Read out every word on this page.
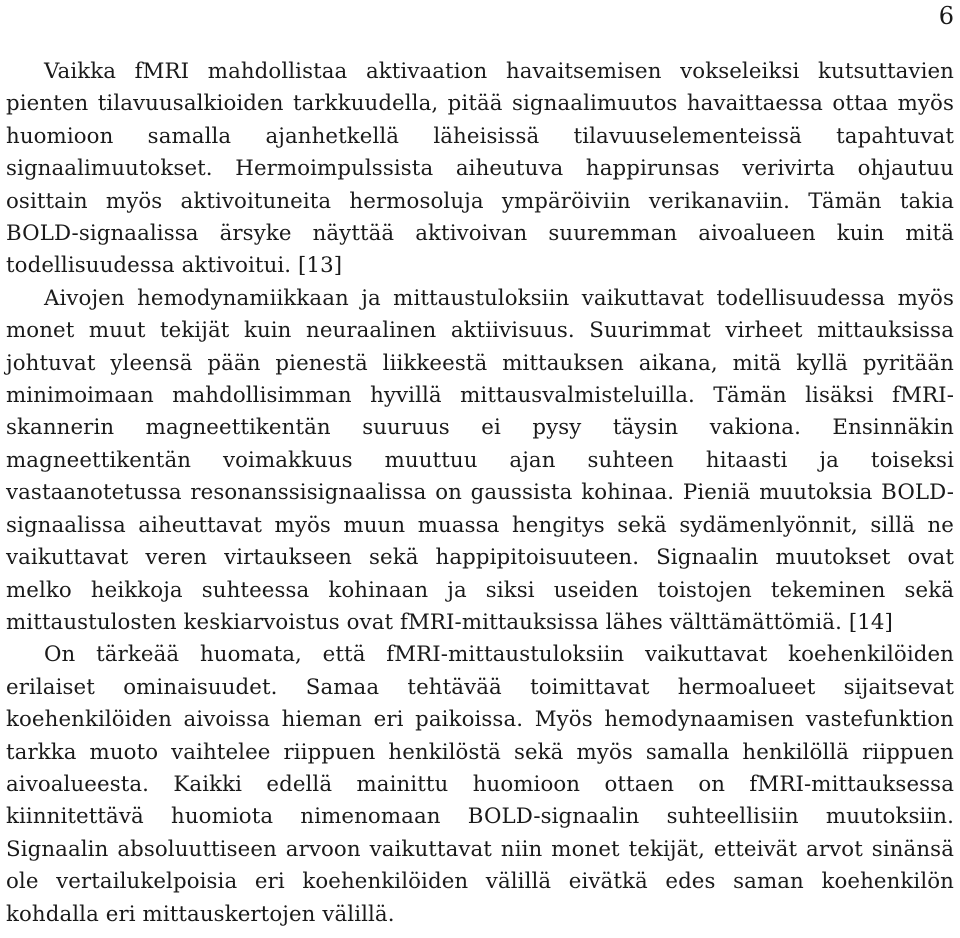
6

Vaikka fMRI mahdollistaa aktivaation havaitsemisen vokseleiksi kutsuttavien pienten tilavuusalkioiden tarkkuudella, pitää signaalimuutos havaittaessa ottaa myös huomioon samalla ajanhetkellä läheisissä tilavuuselementeissä tapahtuvat signaalimuutokset. Hermoimpulssista aiheutuva happirunsas verivirta ohjautuu osittain myös aktivoituneita hermosoluja ympäröiviin verikanaviin. Tämän takia BOLD-signaalissa ärsyke näyttää aktivoivan suuremman aivoalueen kuin mitä todellisuudessa aktivoitui. [13]

Aivojen hemodynamiikkaan ja mittaustuloksiin vaikuttavat todellisuudessa myös monet muut tekijät kuin neuraalinen aktiivisuus. Suurimmat virheet mittauksissa johtuvat yleensä pään pienestä liikkeestä mittauksen aikana, mitä kyllä pyritään minimoimaan mahdollisimman hyvillä mittausvalmisteluilla. Tämän lisäksi fMRI-skannerin magneettikentän suuruus ei pysy täysin vakiona. Ensinnäkin magneettikentän voimakkuus muuttuu ajan suhteen hitaasti ja toiseksi vastaanotetussa resonanssisignaalissa on gaussista kohinaa. Pieniä muutoksia BOLD-signaalissa aiheuttavat myös muun muassa hengitys sekä sydämenlyönnit, sillä ne vaikuttavat veren virtaukseen sekä happipitoisuuteen. Signaalin muutokset ovat melko heikkoja suhteessa kohinaan ja siksi useiden toistojen tekeminen sekä mittaustulosten keskiarvoistus ovat fMRI-mittauksissa lähes välttämättömiä. [14]

On tärkeää huomata, että fMRI-mittaustuloksiin vaikuttavat koehenkilöiden erilaiset ominaisuudet. Samaa tehtävää toimittavat hermoalueet sijaitsevat koehenkilöiden aivoissa hieman eri paikoissa. Myös hemodynaamisen vastefunktion tarkka muoto vaihtelee riippuen henkilöstä sekä myös samalla henkilöllä riippuen aivoalueesta. Kaikki edellä mainittu huomioon ottaen on fMRI-mittauksessa kiinnitettävä huomiota nimenomaan BOLD-signaalin suhteellisiin muutoksiin. Signaalin absoluuttiseen arvoon vaikuttavat niin monet tekijät, etteivät arvot sinänsä ole vertailukelpoisia eri koehenkilöiden välillä eivätkä edes saman koehenkilön kohdalla eri mittauskertojen välillä.
